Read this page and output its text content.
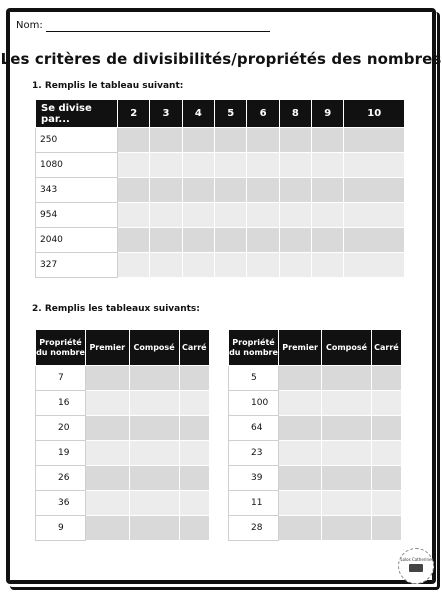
Nom:
Les critères de divisibilités/propriétés des nombres
1. Remplis le tableau suivant:
Se divise par...	2	3	4	5	6	8	9	10
250								
1080								
343								
954								
2040								
327								
2. Remplis les tableaux suivants:
Propriété du nombre	Premier	Composé	Carré
7			
16			
20			
19			
26			
36			
9			
Propriété du nombre	Premier	Composé	Carré
5			
100			
64			
23			
39			
11			
28			
Lolos Catherine
